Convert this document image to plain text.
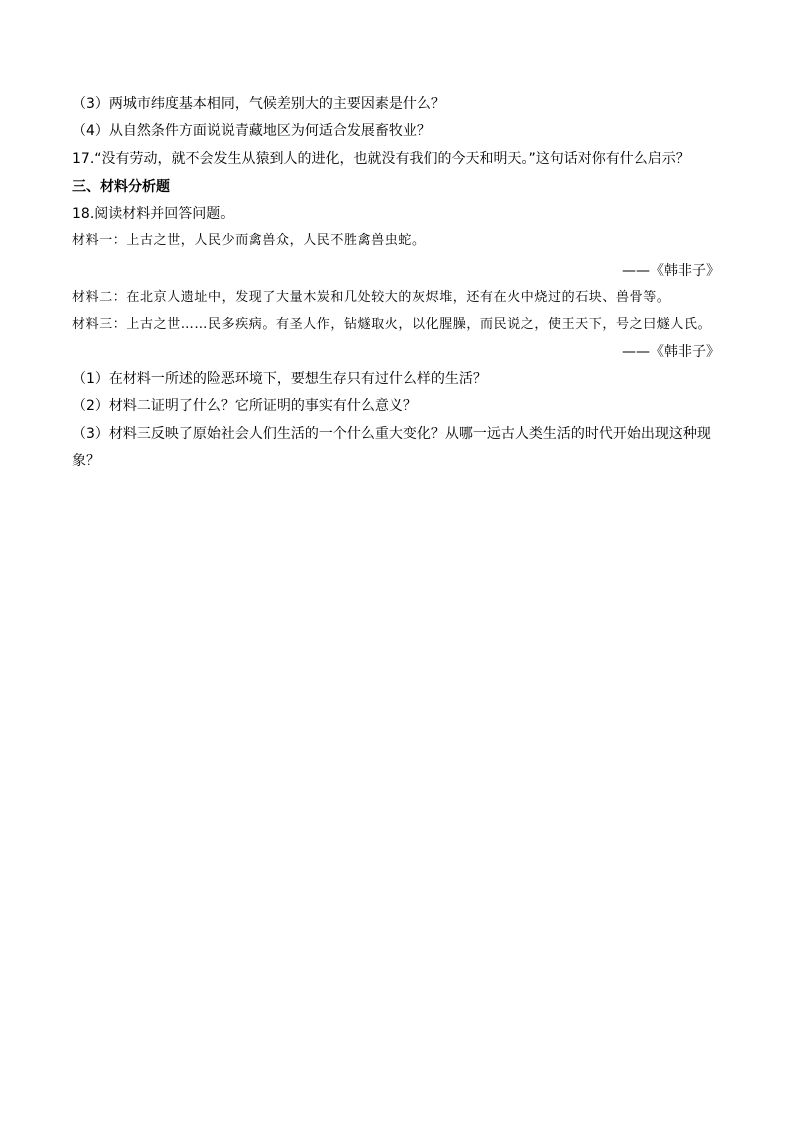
（3）两城市纬度基本相同，气候差别大的主要因素是什么？
（4）从自然条件方面说说青藏地区为何适合发展畜牧业？
17.“没有劳动，就不会发生从猿到人的进化，也就没有我们的今天和明天。”这句话对你有什么启示？
三、材料分析题
18.阅读材料并回答问题。
材料一：上古之世，人民少而禽兽众，人民不胜禽兽虫蛇。
——《韩非子》
材料二：在北京人遗址中，发现了大量木炭和几处较大的灰烬堆，还有在火中烧过的石块、兽骨等。
材料三：上古之世……民多疾病。有圣人作，钻燧取火，以化腥臊，而民说之，使王天下，号之曰燧人氏。
——《韩非子》
（1）在材料一所述的险恶环境下，要想生存只有过什么样的生活？
（2）材料二证明了什么？它所证明的事实有什么意义？
（3）材料三反映了原始社会人们生活的一个什么重大变化？从哪一远古人类生活的时代开始出现这种现
象？
